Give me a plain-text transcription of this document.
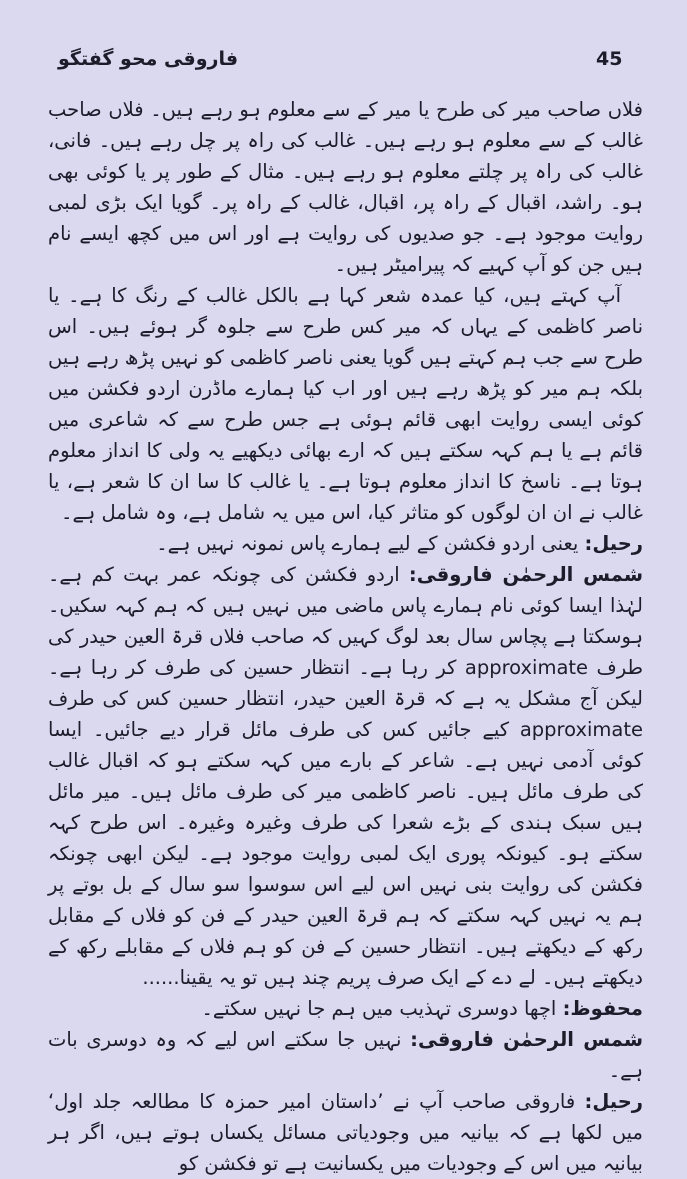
فاروقی محو گفتگو	45

فلاں صاحب میر کی طرح یا میر کے سے معلوم ہو رہے ہیں۔ فلاں صاحب غالب کے سے معلوم ہو رہے ہیں۔ غالب کی راہ پر چل رہے ہیں۔ فانی، غالب کی راہ پر چلتے معلوم ہو رہے ہیں۔ مثال کے طور پر یا کوئی بھی ہو۔ راشد، اقبال کے راہ پر، اقبال، غالب کے راہ پر۔ گویا ایک بڑی لمبی روایت موجود ہے۔ جو صدیوں کی روایت ہے اور اس میں کچھ ایسے نام ہیں جن کو آپ کہیے کہ پیرامیٹر ہیں۔

آپ کہتے ہیں، کیا عمدہ شعر کہا ہے بالکل غالب کے رنگ کا ہے۔ یا ناصر کاظمی کے یہاں کہ میر کس طرح سے جلوہ گر ہوئے ہیں۔ اس طرح سے جب ہم کہتے ہیں گویا یعنی ناصر کاظمی کو نہیں پڑھ رہے ہیں بلکہ ہم میر کو پڑھ رہے ہیں اور اب کیا ہمارے ماڈرن اردو فکشن میں کوئی ایسی روایت ابھی قائم ہوئی ہے جس طرح سے کہ شاعری میں قائم ہے یا ہم کہہ سکتے ہیں کہ ارے بھائی دیکھیے یہ ولی کا انداز معلوم ہوتا ہے۔ ناسخ کا انداز معلوم ہوتا ہے۔ یا غالب کا سا ان کا شعر ہے، یا غالب نے ان ان لوگوں کو متاثر کیا، اس میں یہ شامل ہے، وہ شامل ہے۔

رحیل: یعنی اردو فکشن کے لیے ہمارے پاس نمونہ نہیں ہے۔

شمس الرحمٰن فاروقی: اردو فکشن کی چونکہ عمر بہت کم ہے۔ لہٰذا ایسا کوئی نام ہمارے پاس ماضی میں نہیں ہیں کہ ہم کہہ سکیں۔ ہوسکتا ہے پچاس سال بعد لوگ کہیں کہ صاحب فلاں قرۃ العین حیدر کی طرف approximate کر رہا ہے۔ انتظار حسین کی طرف کر رہا ہے۔ لیکن آج مشکل یہ ہے کہ قرۃ العین حیدر، انتظار حسین کس کی طرف approximate کیے جائیں کس کی طرف مائل قرار دیے جائیں۔ ایسا کوئی آدمی نہیں ہے۔ شاعر کے بارے میں کہہ سکتے ہو کہ اقبال غالب کی طرف مائل ہیں۔ ناصر کاظمی میر کی طرف مائل ہیں۔ میر مائل ہیں سبک ہندی کے بڑے شعرا کی طرف وغیرہ وغیرہ۔ اس طرح کہہ سکتے ہو۔ کیونکہ پوری ایک لمبی روایت موجود ہے۔ لیکن ابھی چونکہ فکشن کی روایت بنی نہیں اس لیے اس سوسوا سو سال کے بل بوتے پر ہم یہ نہیں کہہ سکتے کہ ہم قرۃ العین حیدر کے فن کو فلاں کے مقابل رکھ کے دیکھتے ہیں۔ انتظار حسین کے فن کو ہم فلاں کے مقابلے رکھ کے دیکھتے ہیں۔ لے دے کے ایک صرف پریم چند ہیں تو یہ یقینا......

محفوظ: اچھا دوسری تہذیب میں ہم جا نہیں سکتے۔

شمس الرحمٰن فاروقی: نہیں جا سکتے اس لیے کہ وہ دوسری بات ہے۔

رحیل: فاروقی صاحب آپ نے ’داستان امیر حمزہ کا مطالعہ جلد اول‘ میں لکھا ہے کہ بیانیہ میں وجودیاتی مسائل یکساں ہوتے ہیں، اگر ہر بیانیہ میں اس کے وجودیات میں یکسانیت ہے تو فکشن کو
